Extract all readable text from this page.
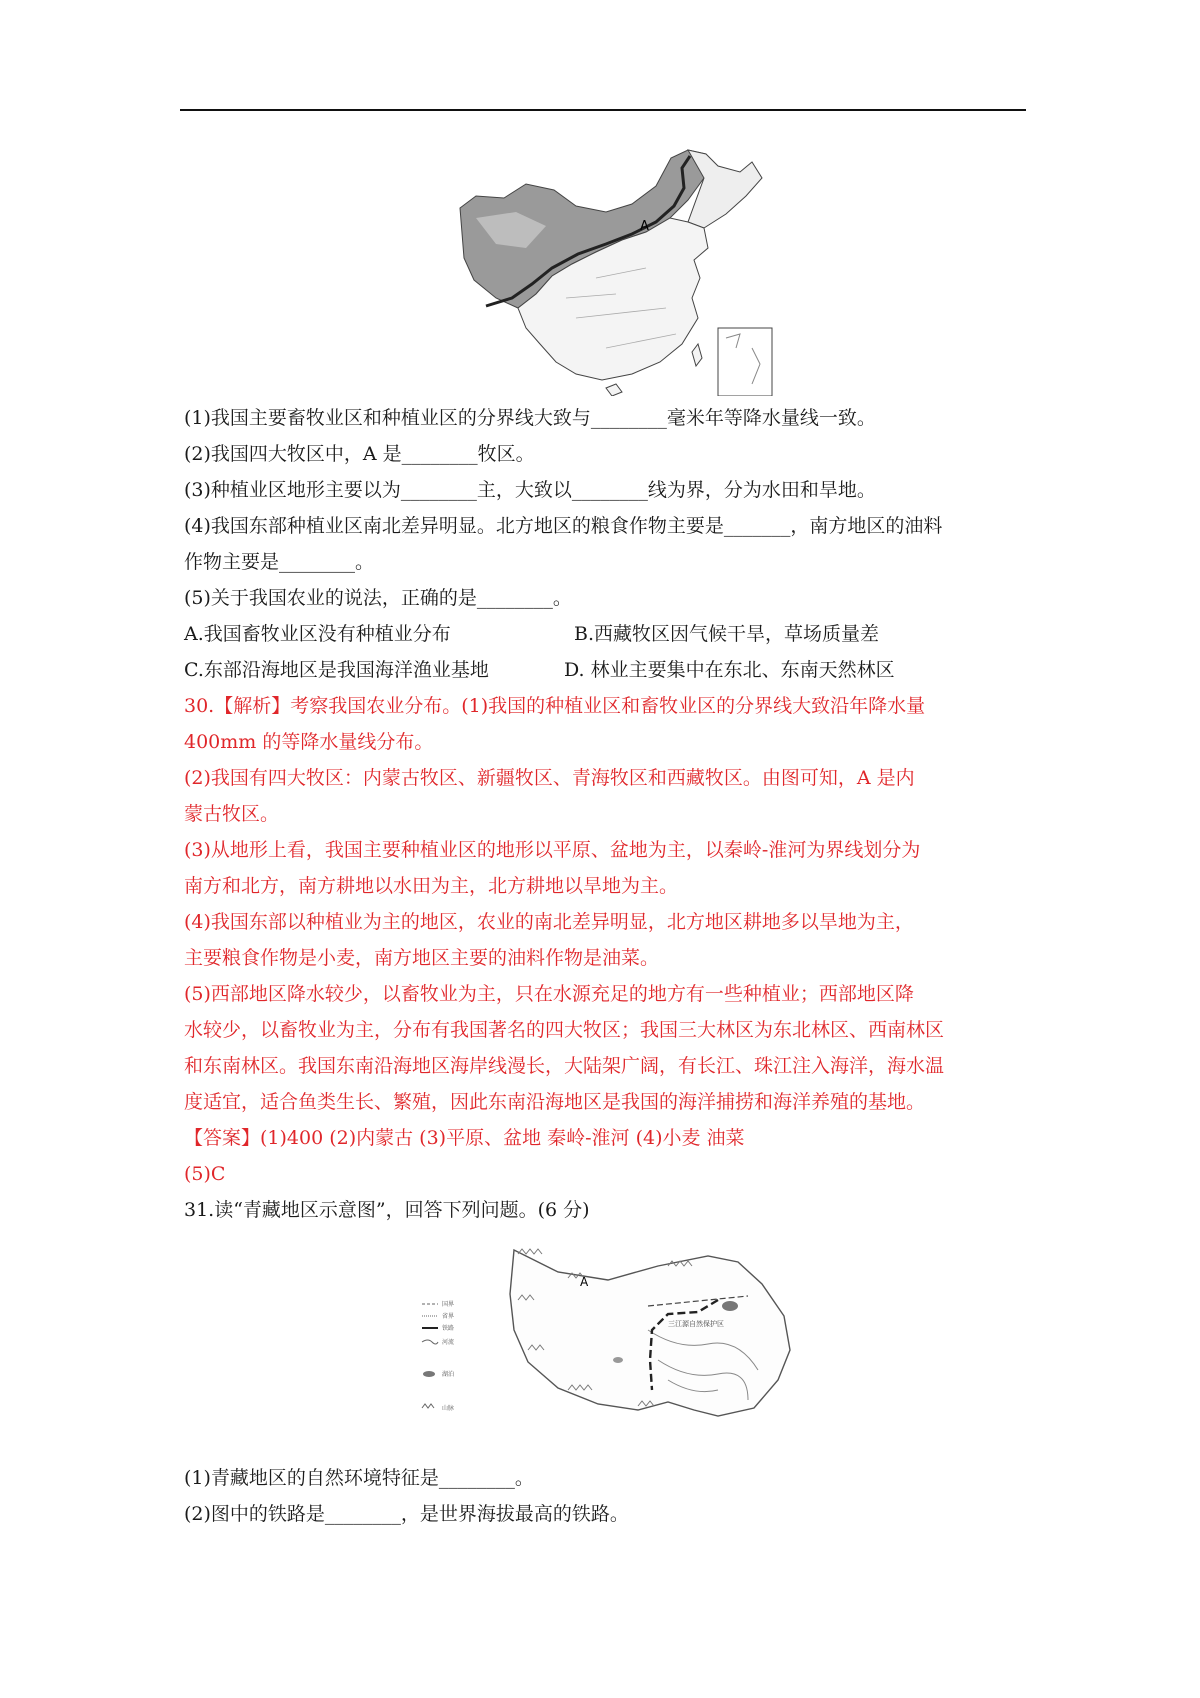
A
(1)我国主要畜牧业区和种植业区的分界线大致与________毫米年等降水量线一致。
(2)我国四大牧区中，A 是________牧区。
(3)种植业区地形主要以为________主，大致以________线为界，分为水田和旱地。
(4)我国东部种植业区南北差异明显。北方地区的粮食作物主要是_______，南方地区的油料
作物主要是________。
(5)关于我国农业的说法，正确的是________。
A.我国畜牧业区没有种植业分布	B.西藏牧区因气候干旱，草场质量差
C.东部沿海地区是我国海洋渔业基地	D. 林业主要集中在东北、东南天然林区
30.【解析】考察我国农业分布。(1)我国的种植业区和畜牧业区的分界线大致沿年降水量
400mm 的等降水量线分布。
(2)我国有四大牧区：内蒙古牧区、新疆牧区、青海牧区和西藏牧区。由图可知，A 是内
蒙古牧区。
(3)从地形上看，我国主要种植业区的地形以平原、盆地为主，以秦岭-淮河为界线划分为
南方和北方，南方耕地以水田为主，北方耕地以旱地为主。
(4)我国东部以种植业为主的地区，农业的南北差异明显，北方地区耕地多以旱地为主，
主要粮食作物是小麦，南方地区主要的油料作物是油菜。
(5)西部地区降水较少，以畜牧业为主，只在水源充足的地方有一些种植业；西部地区降
水较少，以畜牧业为主，分布有我国著名的四大牧区；我国三大林区为东北林区、西南林区
和东南林区。我国东南沿海地区海岸线漫长，大陆架广阔，有长江、珠江注入海洋，海水温
度适宜，适合鱼类生长、繁殖，因此东南沿海地区是我国的海洋捕捞和海洋养殖的基地。
【答案】(1)400 (2)内蒙古 (3)平原、盆地 秦岭-淮河 (4)小麦 油菜
(5)C
31.读“青藏地区示意图”，回答下列问题。(6 分)
国界
省界
铁路
河流
湖泊
山脉
A
三江源自然保护区
(1)青藏地区的自然环境特征是________。
(2)图中的铁路是________，是世界海拔最高的铁路。
